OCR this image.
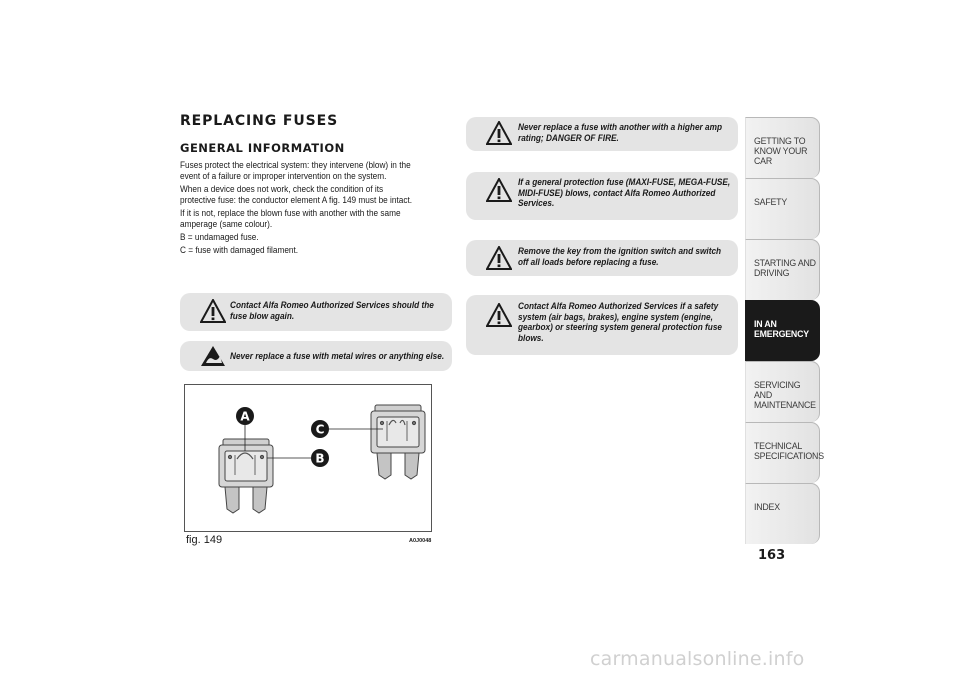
REPLACING FUSES
GENERAL INFORMATION

Fuses protect the electrical system: they intervene (blow) in the event of a failure or improper intervention on the system.

When a device does not work, check the condition of its protective fuse: the conductor element A fig. 149 must be intact.

If it is not, replace the blown fuse with another with the same amperage (same colour).

B = undamaged fuse.

C = fuse with damaged filament.

Contact Alfa Romeo Authorized Services should the fuse blow again.
Never replace a fuse with metal wires or anything else.
A
B
C
fig. 149	A0J0048
Never replace a fuse with another with a higher amp rating; DANGER OF FIRE.
If a general protection fuse (MAXI-FUSE, MEGA-FUSE, MIDI-FUSE) blows, contact Alfa Romeo Authorized Services.
Remove the key from the ignition switch and switch off all loads before replacing a fuse.
Contact Alfa Romeo Authorized Services if a safety system (air bags, brakes), engine system (engine, gearbox) or steering system general protection fuse blows.
GETTING TO KNOW YOUR CAR
SAFETY
STARTING AND DRIVING
IN AN EMERGENCY
SERVICING AND MAINTENANCE
TECHNICAL SPECIFICATIONS
INDEX
163
carmanualsonline.info
